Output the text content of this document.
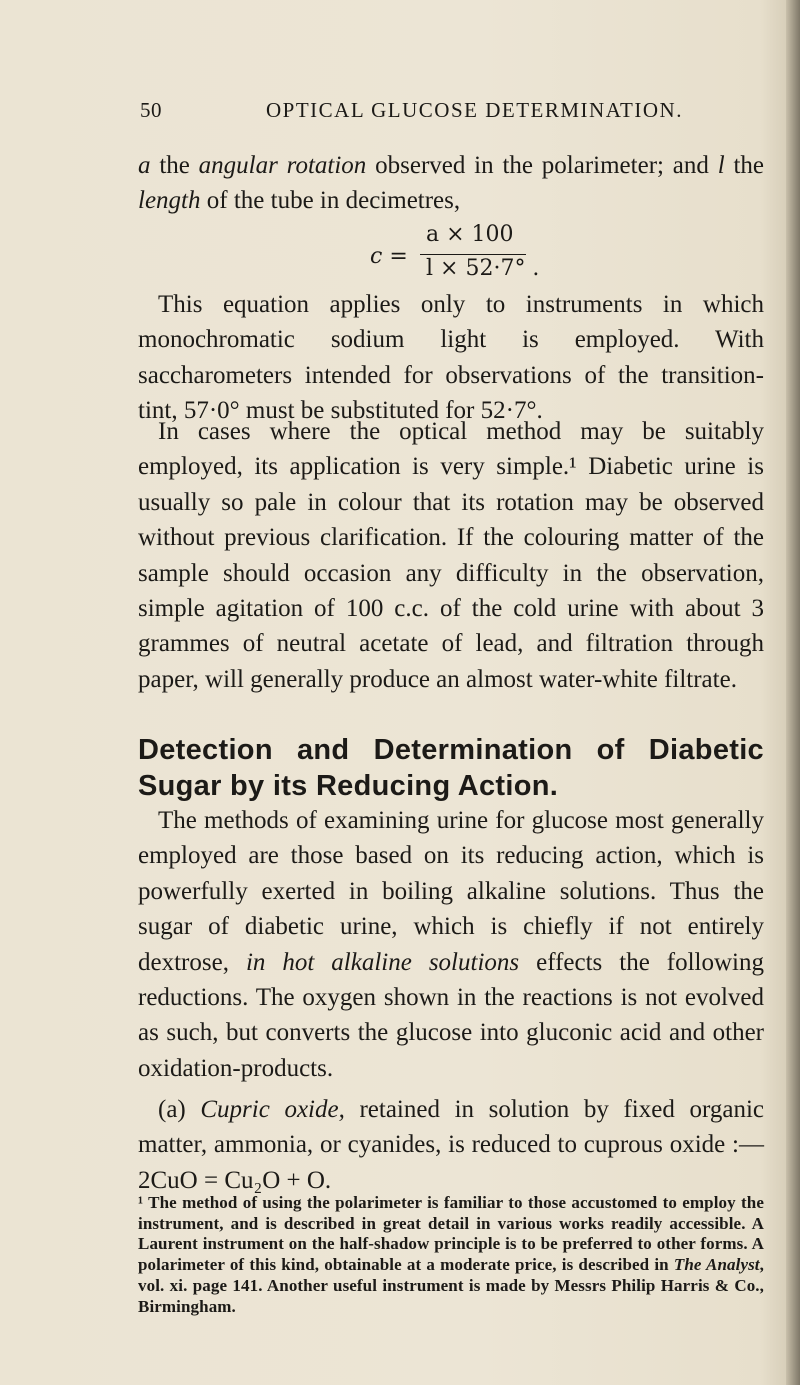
50	OPTICAL GLUCOSE DETERMINATION.

a the angular rotation observed in the polarimeter; and l the length of the tube in decimetres,

c =
a × 100
l × 52·7° .

This equation applies only to instruments in which monochromatic sodium light is employed. With saccharometers intended for observations of the transition-tint, 57·0° must be substituted for 52·7°.

In cases where the optical method may be suitably employed, its application is very simple.¹ Diabetic urine is usually so pale in colour that its rotation may be observed without previous clarification. If the colouring matter of the sample should occasion any difficulty in the observation, simple agitation of 100 c.c. of the cold urine with about 3 grammes of neutral acetate of lead, and filtration through paper, will generally produce an almost water-white filtrate.

Detection and Determination of Diabetic Sugar by its Reducing Action.

The methods of examining urine for glucose most generally employed are those based on its reducing action, which is powerfully exerted in boiling alkaline solutions. Thus the sugar of diabetic urine, which is chiefly if not entirely dextrose, in hot alkaline solutions effects the following reductions. The oxygen shown in the reactions is not evolved as such, but converts the glucose into gluconic acid and other oxidation-products.

(a) Cupric oxide, retained in solution by fixed organic matter, ammonia, or cyanides, is reduced to cuprous oxide :—2CuO = Cu₂O + O.

¹ The method of using the polarimeter is familiar to those accustomed to employ the instrument, and is described in great detail in various works readily accessible. A Laurent instrument on the half-shadow principle is to be preferred to other forms. A polarimeter of this kind, obtainable at a moderate price, is described in The Analyst, vol. xi. page 141. Another useful instrument is made by Messrs Philip Harris & Co., Birmingham.
